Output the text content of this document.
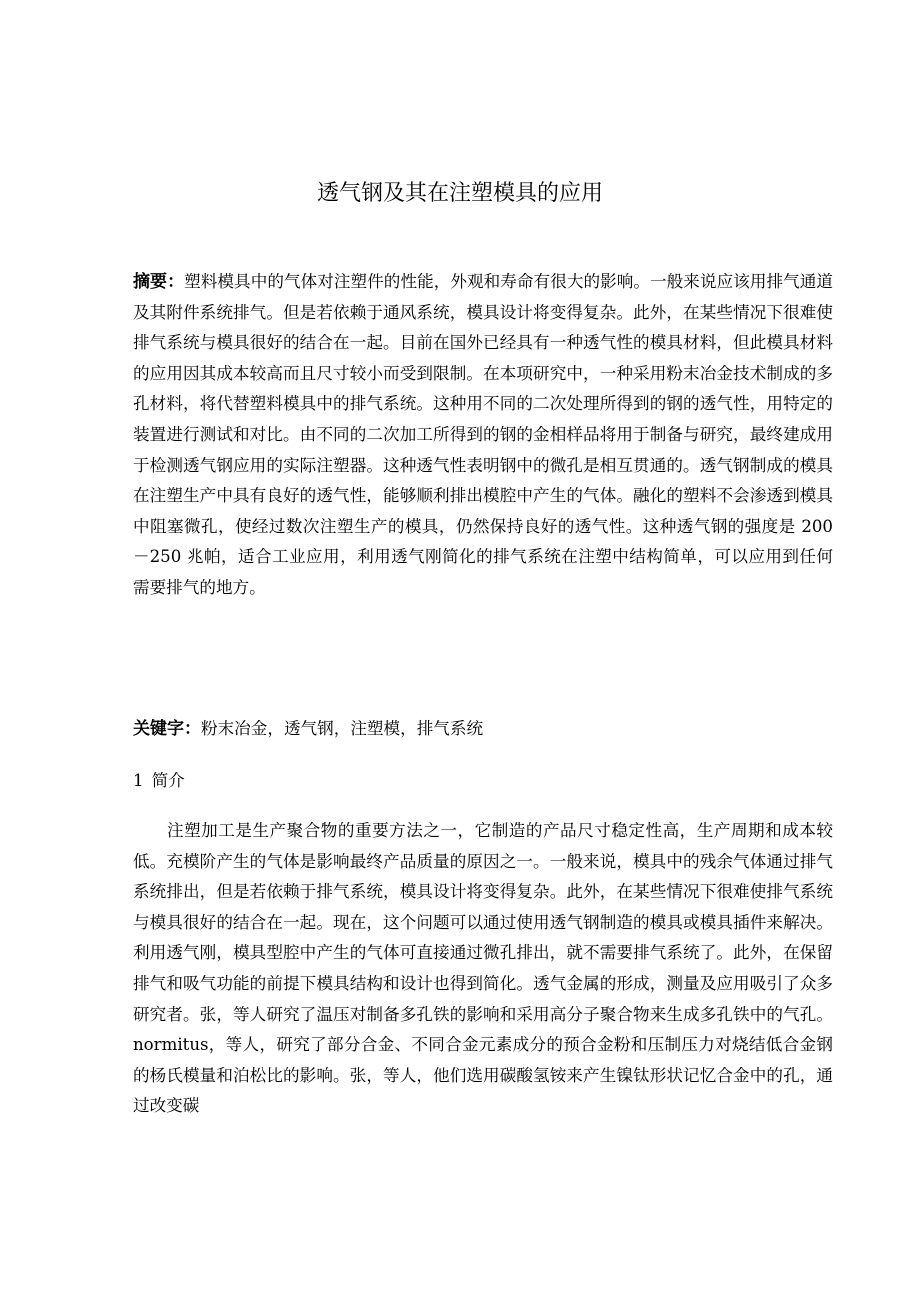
透气钢及其在注塑模具的应用

摘要：塑料模具中的气体对注塑件的性能，外观和寿命有很大的影响。一般来说应该用排气通道及其附件系统排气。但是若依赖于通风系统，模具设计将变得复杂。此外，在某些情况下很难使排气系统与模具很好的结合在一起。目前在国外已经具有一种透气性的模具材料，但此模具材料的应用因其成本较高而且尺寸较小而受到限制。在本项研究中，一种采用粉末冶金技术制成的多孔材料，将代替塑料模具中的排气系统。这种用不同的二次处理所得到的钢的透气性，用特定的装置进行测试和对比。由不同的二次加工所得到的钢的金相样品将用于制备与研究，最终建成用于检测透气钢应用的实际注塑器。这种透气性表明钢中的微孔是相互贯通的。透气钢制成的模具在注塑生产中具有良好的透气性，能够顺利排出模腔中产生的气体。融化的塑料不会渗透到模具中阻塞微孔，使经过数次注塑生产的模具，仍然保持良好的透气性。这种透气钢的强度是 200－250 兆帕，适合工业应用，利用透气刚简化的排气系统在注塑中结构简单，可以应用到任何需要排气的地方。

关键字：粉末冶金，透气钢，注塑模，排气系统

1 简介

注塑加工是生产聚合物的重要方法之一，它制造的产品尺寸稳定性高，生产周期和成本较低。充模阶产生的气体是影响最终产品质量的原因之一。一般来说，模具中的残余气体通过排气系统排出，但是若依赖于排气系统，模具设计将变得复杂。此外，在某些情况下很难使排气系统与模具很好的结合在一起。现在，这个问题可以通过使用透气钢制造的模具或模具插件来解决。利用透气刚，模具型腔中产生的气体可直接通过微孔排出，就不需要排气系统了。此外，在保留排气和吸气功能的前提下模具结构和设计也得到简化。透气金属的形成，测量及应用吸引了众多研究者。张，等人研究了温压对制备多孔铁的影响和采用高分子聚合物来生成多孔铁中的气孔。normitus，等人，研究了部分合金、不同合金元素成分的预合金粉和压制压力对烧结低合金钢的杨氏模量和泊松比的影响。张，等人，他们选用碳酸氢铵来产生镍钛形状记忆合金中的孔，通过改变碳
